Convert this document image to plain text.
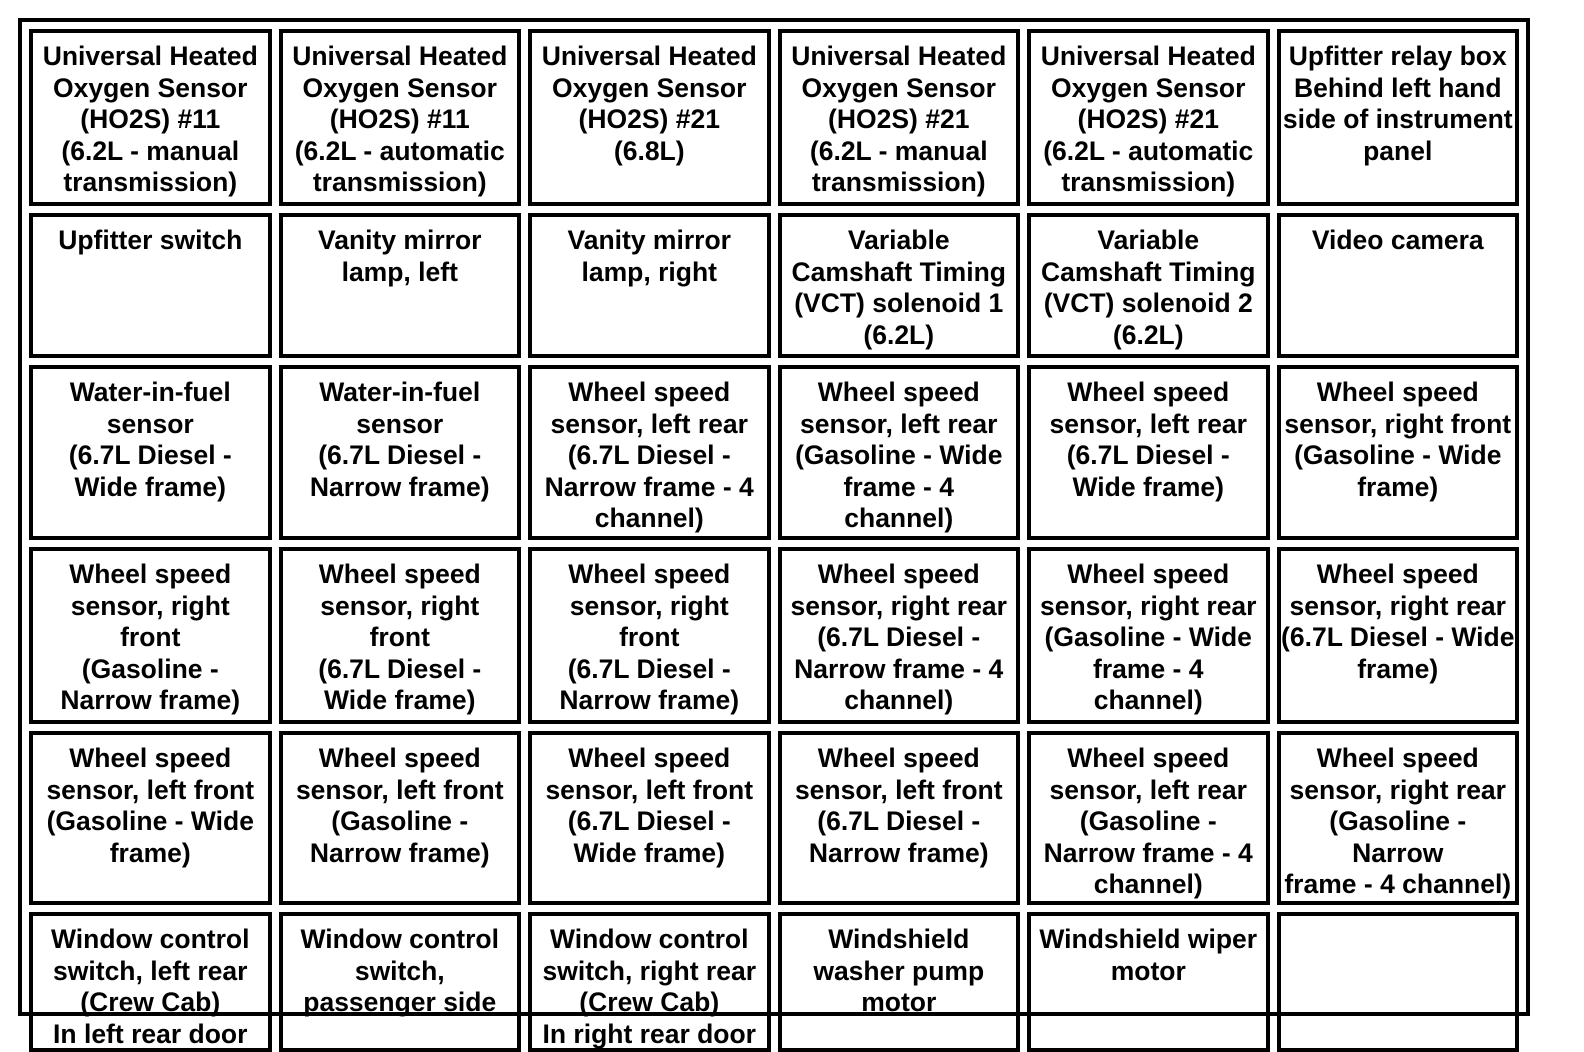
Universal Heated
Oxygen Sensor
(HO2S) #11
(6.2L - manual
transmission)
Universal Heated
Oxygen Sensor
(HO2S) #11
(6.2L - automatic
transmission)
Universal Heated
Oxygen Sensor
(HO2S) #21
(6.8L)
Universal Heated
Oxygen Sensor
(HO2S) #21
(6.2L - manual
transmission)
Universal Heated
Oxygen Sensor
(HO2S) #21
(6.2L - automatic
transmission)
Upfitter relay box
Behind left hand
side of instrument
panel
Upfitter switch	Vanity mirror
lamp, left
Vanity mirror
lamp, right
Variable
Camshaft Timing
(VCT) solenoid 1
(6.2L)
Variable
Camshaft Timing
(VCT) solenoid 2
(6.2L)
Video camera
Water-in-fuel
sensor
(6.7L Diesel -
Wide frame)
Water-in-fuel
sensor
(6.7L Diesel -
Narrow frame)
Wheel speed
sensor, left rear
(6.7L Diesel -
Narrow frame - 4
channel)
Wheel speed
sensor, left rear
(Gasoline - Wide
frame - 4
channel)
Wheel speed
sensor, left rear
(6.7L Diesel -
Wide frame)
Wheel speed
sensor, right front
(Gasoline - Wide
frame)
Wheel speed
sensor, right
front
(Gasoline -
Narrow frame)
Wheel speed
sensor, right
front
(6.7L Diesel -
Wide frame)
Wheel speed
sensor, right
front
(6.7L Diesel -
Narrow frame)
Wheel speed
sensor, right rear
(6.7L Diesel -
Narrow frame - 4
channel)
Wheel speed
sensor, right rear
(Gasoline - Wide
frame - 4
channel)
Wheel speed
sensor, right rear
(6.7L Diesel - Wide
frame)
Wheel speed
sensor, left front
(Gasoline - Wide
frame)
Wheel speed
sensor, left front
(Gasoline -
Narrow frame)
Wheel speed
sensor, left front
(6.7L Diesel -
Wide frame)
Wheel speed
sensor, left front
(6.7L Diesel -
Narrow frame)
Wheel speed
sensor, left rear
(Gasoline -
Narrow frame - 4
channel)
Wheel speed
sensor, right rear
(Gasoline - Narrow
frame - 4 channel)
Window control
switch, left rear
(Crew Cab)
In left rear door
Window control
switch,
passenger side
Window control
switch, right rear
(Crew Cab)
In right rear door
Windshield
washer pump
motor
Windshield wiper
motor
